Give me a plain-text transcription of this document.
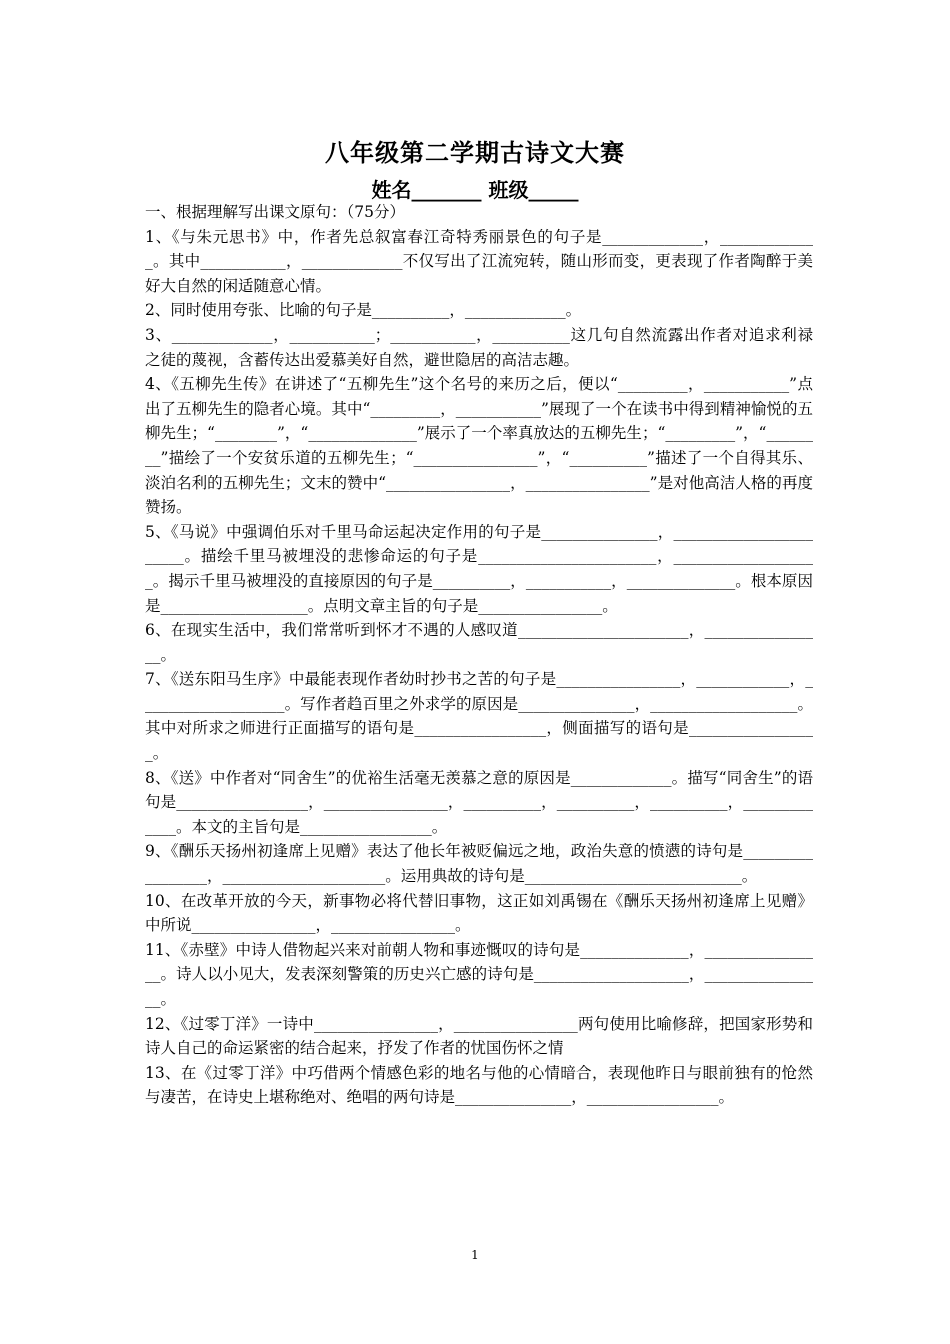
八年级第二学期古诗文大赛
姓名_______ 班级_____

一、根据理解写出课文原句：（75分）

1、《与朱元思书》中，作者先总叙富春江奇特秀丽景色的句子是_____________，_____________。其中___________，_____________不仅写出了江流宛转，随山形而变，更表现了作者陶醉于美好大自然的闲适随意心情。

2、同时使用夸张、比喻的句子是__________，_____________。

3、_____________，___________；___________，__________这几句自然流露出作者对追求利禄之徒的蔑视，含蓄传达出爱慕美好自然，避世隐居的高洁志趣。

4、《五柳先生传》在讲述了“五柳先生”这个名号的来历之后，便以“_________，___________”点出了五柳先生的隐者心境。其中“_________，___________”展现了一个在读书中得到精神愉悦的五柳先生；“________”，“______________”展示了一个率真放达的五柳先生；“_________”，“________”描绘了一个安贫乐道的五柳先生；“________________”，“__________”描述了一个自得其乐、淡泊名利的五柳先生；文末的赞中“________________，________________”是对他高洁人格的再度赞扬。

5、《马说》中强调伯乐对千里马命运起决定作用的句子是_______________，_______________________。描绘千里马被埋没的悲惨命运的句子是_______________________，___________________。揭示千里马被埋没的直接原因的句子是__________，___________，______________。根本原因是___________________。点明文章主旨的句子是________________。

6、在现实生活中，我们常常听到怀才不遇的人感叹道______________________，________________。

7、《送东阳马生序》中最能表现作者幼时抄书之苦的句子是________________，____________，___________________。写作者趋百里之外求学的原因是_______________，___________________。其中对所求之师进行正面描写的语句是_________________，侧面描写的语句是_________________。

8、《送》中作者对“同舍生”的优裕生活毫无羡慕之意的原因是_____________。描写“同舍生”的语句是_________________，________________，__________，__________，__________，_____________。本文的主旨句是_________________。

9、《酬乐天扬州初逢席上见赠》表达了他长年被贬偏远之地，政治失意的愤懑的诗句是_________________，_____________________。运用典故的诗句是____________________________。

10、在改革开放的今天，新事物必将代替旧事物，这正如刘禹锡在《酬乐天扬州初逢席上见赠》中所说________________，________________。

11、《赤壁》中诗人借物起兴来对前朝人物和事迹慨叹的诗句是______________，________________。诗人以小见大，发表深刻警策的历史兴亡感的诗句是____________________，________________。

12、《过零丁洋》一诗中________________，________________两句使用比喻修辞，把国家形势和诗人自己的命运紧密的结合起来，抒发了作者的忧国伤怀之情

13、在《过零丁洋》中巧借两个情感色彩的地名与他的心情暗合，表现他昨日与眼前独有的怆然与凄苦，在诗史上堪称绝对、绝唱的两句诗是_______________，_________________。

1
